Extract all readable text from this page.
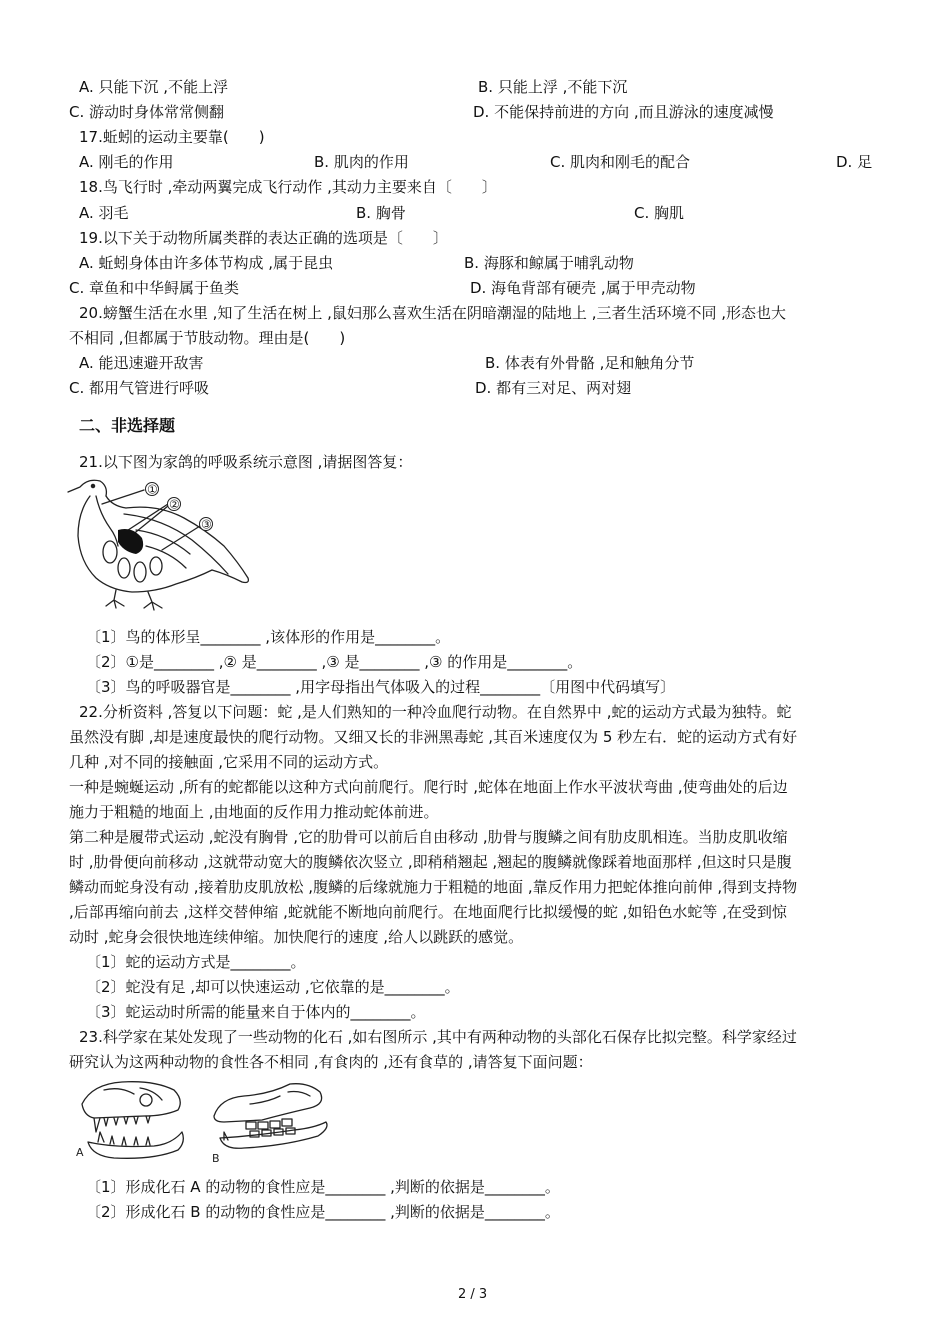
A. 只能下沉 ,不能上浮	B. 只能上浮 ,不能下沉
C. 游动时身体常常侧翻	D. 不能保持前进的方向 ,而且游泳的速度减慢
17.蚯蚓的运动主要靠(　　)
A. 刚毛的作用	B. 肌肉的作用	C. 肌肉和刚毛的配合	D. 足
18.鸟飞行时 ,牵动两翼完成飞行动作 ,其动力主要来自〔　　〕
A. 羽毛	B. 胸骨	C. 胸肌
19.以下关于动物所属类群的表达正确的选项是〔　　〕
A. 蚯蚓身体由许多体节构成 ,属于昆虫	B. 海豚和鲸属于哺乳动物
C. 章鱼和中华鲟属于鱼类	D. 海龟背部有硬壳 ,属于甲壳动物
20.螃蟹生活在水里 ,知了生活在树上 ,鼠妇那么喜欢生活在阴暗潮湿的陆地上 ,三者生活环境不同 ,形态也大
不相同 ,但都属于节肢动物。理由是(　　)
A. 能迅速避开敌害	B. 体表有外骨骼 ,足和触角分节
C. 都用气管进行呼吸	D. 都有三对足、两对翅
二、非选择题
21.以下图为家鸽的呼吸系统示意图 ,请据图答复：
①
②
③
〔1〕鸟的体形呈________ ,该体形的作用是________。
〔2〕①是________ ,② 是________ ,③ 是________ ,③ 的作用是________。
〔3〕鸟的呼吸器官是________ ,用字母指出气体吸入的过程________〔用图中代码填写〕
22.分析资料 ,答复以下问题：蛇 ,是人们熟知的一种冷血爬行动物。在自然界中 ,蛇的运动方式最为独特。蛇
虽然没有脚 ,却是速度最快的爬行动物。又细又长的非洲黑毒蛇 ,其百米速度仅为 5 秒左右．蛇的运动方式有好
几种 ,对不同的接触面 ,它采用不同的运动方式。
一种是蜿蜒运动 ,所有的蛇都能以这种方式向前爬行。爬行时 ,蛇体在地面上作水平波状弯曲 ,使弯曲处的后边
施力于粗糙的地面上 ,由地面的反作用力推动蛇体前进。
第二种是履带式运动 ,蛇没有胸骨 ,它的肋骨可以前后自由移动 ,肋骨与腹鳞之间有肋皮肌相连。当肋皮肌收缩
时 ,肋骨便向前移动 ,这就带动宽大的腹鳞依次竖立 ,即稍稍翘起 ,翘起的腹鳞就像踩着地面那样 ,但这时只是腹
鳞动而蛇身没有动 ,接着肋皮肌放松 ,腹鳞的后缘就施力于粗糙的地面 ,靠反作用力把蛇体推向前伸 ,得到支持物
,后部再缩向前去 ,这样交替伸缩 ,蛇就能不断地向前爬行。在地面爬行比拟缓慢的蛇 ,如铅色水蛇等 ,在受到惊
动时 ,蛇身会很快地连续伸缩。加快爬行的速度 ,给人以跳跃的感觉。
〔1〕蛇的运动方式是________。
〔2〕蛇没有足 ,却可以快速运动 ,它依靠的是________。
〔3〕蛇运动时所需的能量来自于体内的________。
23.科学家在某处发现了一些动物的化石 ,如右图所示 ,其中有两种动物的头部化石保存比拟完整。科学家经过
研究认为这两种动物的食性各不相同 ,有食肉的 ,还有食草的 ,请答复下面问题：
A	B
〔1〕形成化石 A 的动物的食性应是________ ,判断的依据是________。
〔2〕形成化石 B 的动物的食性应是________ ,判断的依据是________。
2 / 3
